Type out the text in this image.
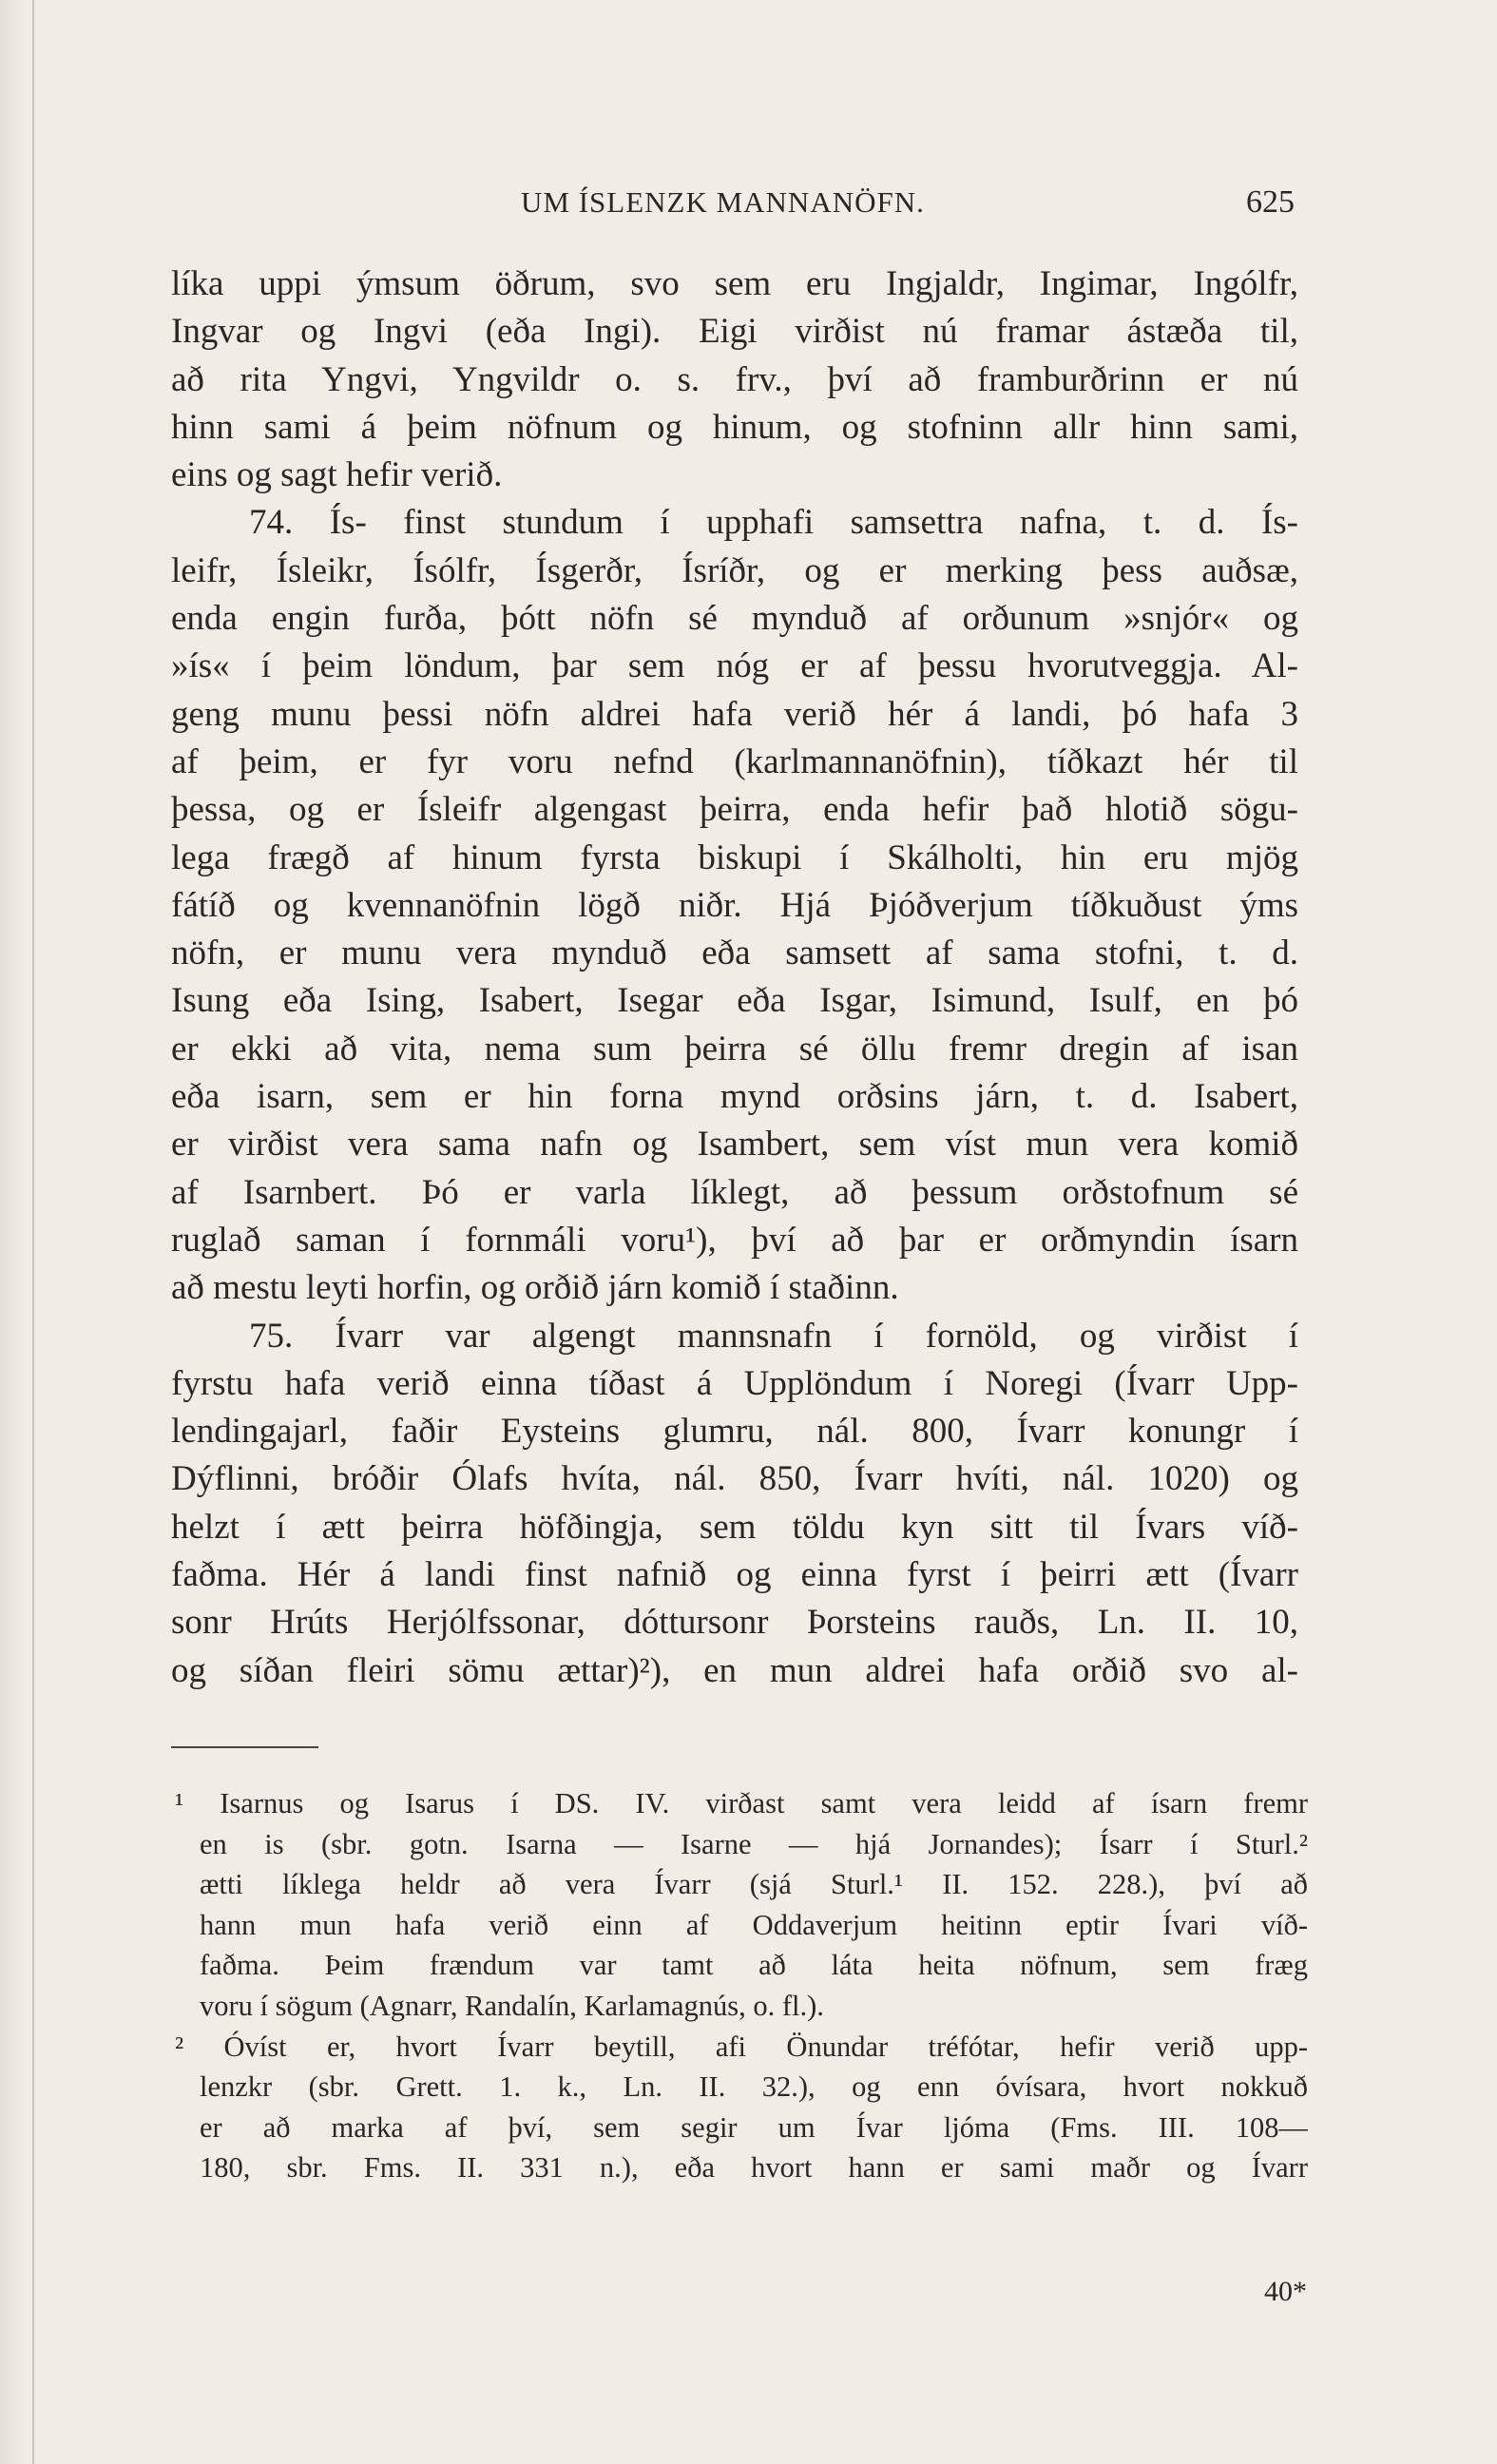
UM ÍSLENZK MANNANÖFN.	625
líka uppi ýmsum öðrum, svo sem eru Ingjaldr, Ingimar, Ingólfr,
Ingvar og Ingvi (eða Ingi). Eigi virðist nú framar ástæða til,
að rita Yngvi, Yngvildr o. s. frv., því að framburðrinn er nú
hinn sami á þeim nöfnum og hinum, og stofninn allr hinn sami,
eins og sagt hefir verið.
74. Ís- finst stundum í upphafi samsettra nafna, t. d. Ís-
leifr, Ísleikr, Ísólfr, Ísgerðr, Ísríðr, og er merking þess auðsæ,
enda engin furða, þótt nöfn sé mynduð af orðunum »snjór« og
»ís« í þeim löndum, þar sem nóg er af þessu hvorutveggja. Al-
geng munu þessi nöfn aldrei hafa verið hér á landi, þó hafa 3
af þeim, er fyr voru nefnd (karlmannanöfnin), tíðkazt hér til
þessa, og er Ísleifr algengast þeirra, enda hefir það hlotið sögu-
lega frægð af hinum fyrsta biskupi í Skálholti, hin eru mjög
fátíð og kvennanöfnin lögð niðr. Hjá Þjóðverjum tíðkuðust ýms
nöfn, er munu vera mynduð eða samsett af sama stofni, t. d.
Isung eða Ising, Isabert, Isegar eða Isgar, Isimund, Isulf, en þó
er ekki að vita, nema sum þeirra sé öllu fremr dregin af isan
eða isarn, sem er hin forna mynd orðsins járn, t. d. Isabert,
er virðist vera sama nafn og Isambert, sem víst mun vera komið
af Isarnbert. Þó er varla líklegt, að þessum orðstofnum sé
ruglað saman í fornmáli voru¹), því að þar er orðmyndin ísarn
að mestu leyti horfin, og orðið járn komið í staðinn.
75. Ívarr var algengt mannsnafn í fornöld, og virðist í
fyrstu hafa verið einna tíðast á Upplöndum í Noregi (Ívarr Upp-
lendingajarl, faðir Eysteins glumru, nál. 800, Ívarr konungr í
Dýflinni, bróðir Ólafs hvíta, nál. 850, Ívarr hvíti, nál. 1020) og
helzt í ætt þeirra höfðingja, sem töldu kyn sitt til Ívars víð-
faðma. Hér á landi finst nafnið og einna fyrst í þeirri ætt (Ívarr
sonr Hrúts Herjólfssonar, dóttursonr Þorsteins rauðs, Ln. II. 10,
og síðan fleiri sömu ættar)²), en mun aldrei hafa orðið svo al-
¹ Isarnus og Isarus í DS. IV. virðast samt vera leidd af ísarn fremr
en is (sbr. gotn. Isarna — Isarne — hjá Jornandes); Ísarr í Sturl.²
ætti líklega heldr að vera Ívarr (sjá Sturl.¹ II. 152. 228.), því að
hann mun hafa verið einn af Oddaverjum heitinn eptir Ívari víð-
faðma. Þeim frændum var tamt að láta heita nöfnum, sem fræg
voru í sögum (Agnarr, Randalín, Karlamagnús, o. fl.).
² Óvíst er, hvort Ívarr beytill, afi Önundar tréfótar, hefir verið upp-
lenzkr (sbr. Grett. 1. k., Ln. II. 32.), og enn óvísara, hvort nokkuð
er að marka af því, sem segir um Ívar ljóma (Fms. III. 108—
180, sbr. Fms. II. 331 n.), eða hvort hann er sami maðr og Ívarr
40*
